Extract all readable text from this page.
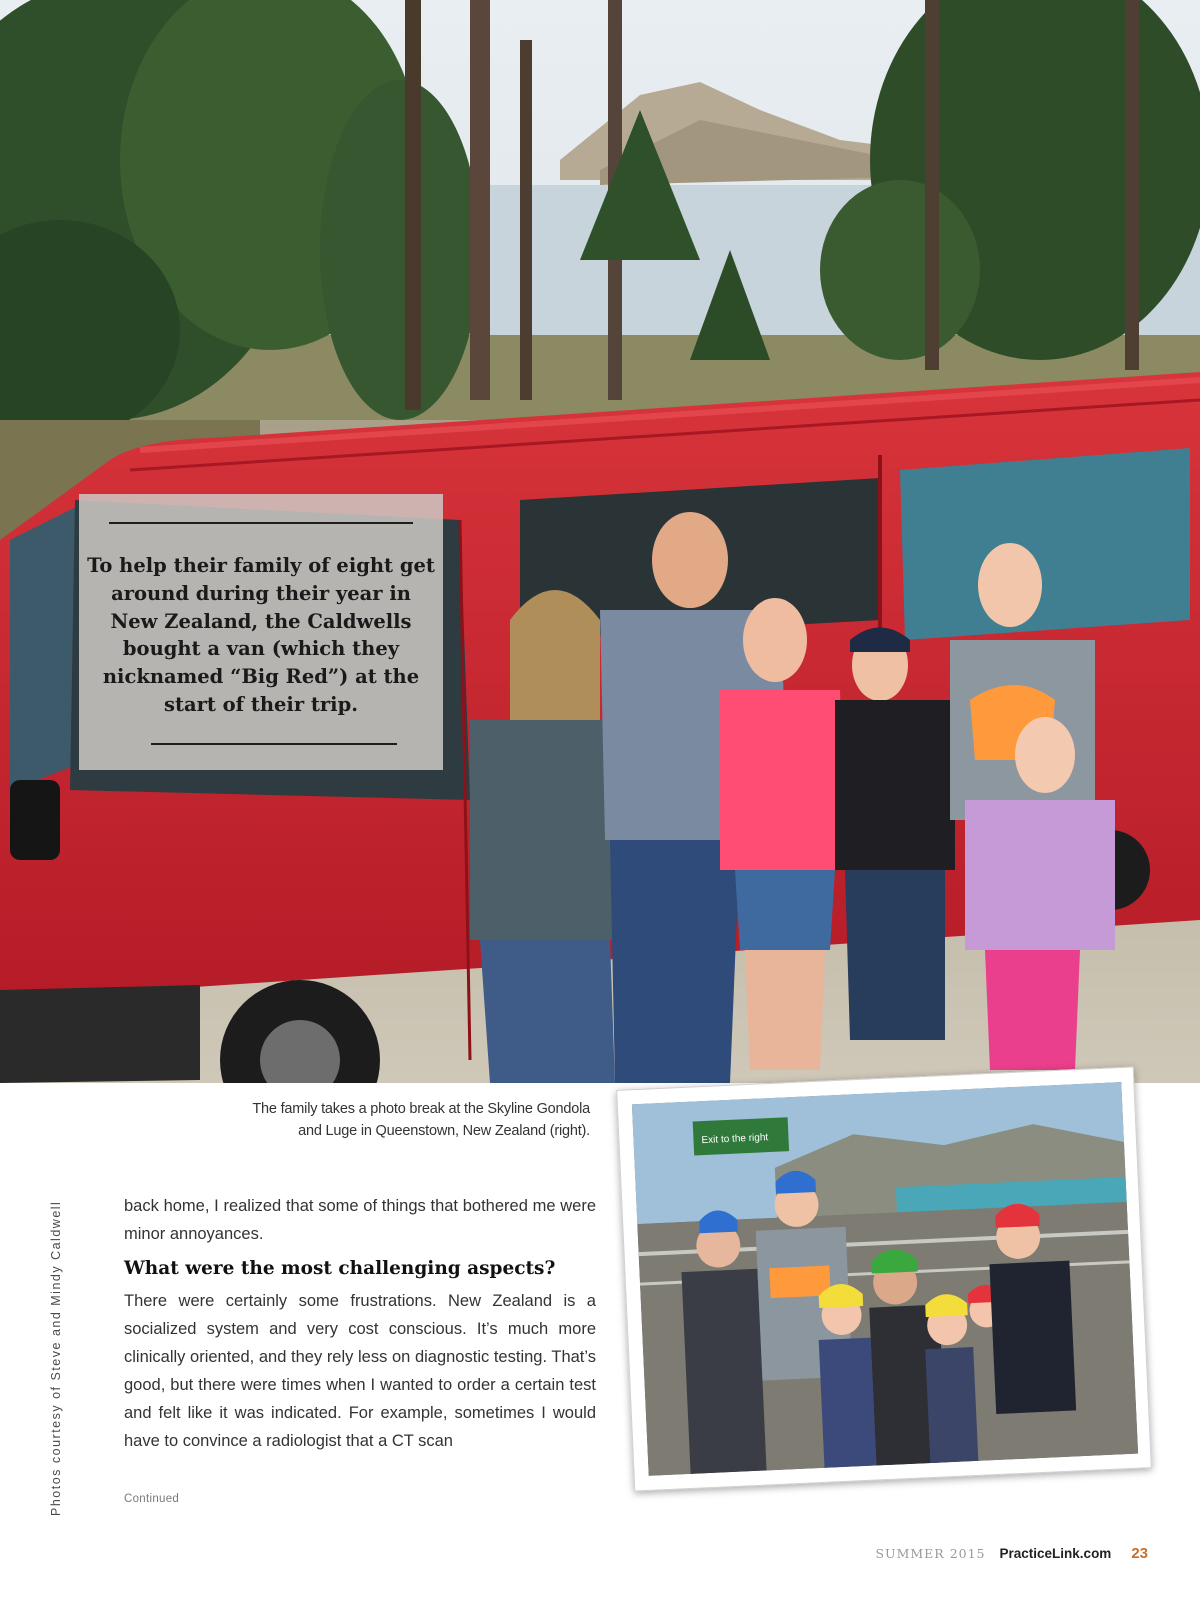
To help their family of eight get around during their year in New Zealand, the Caldwells bought a van (which they nicknamed “Big Red”) at the start of their trip.

The family takes a photo break at the Skyline Gondola
and Luge in Queenstown, New Zealand (right).
Photos courtesy of Steve and Mindy Caldwell	back home, I realized that some of things that bothered me were minor annoyances.

What were the most challenging aspects?

There were certainly some frustrations. New Zealand is a socialized system and very cost conscious. It’s much more clinically oriented, and they rely less on diagnostic testing. That’s good, but there were times when I wanted to order a certain test and felt like it was indicated. For example, sometimes I would have to convince a radiologist that a CT scan

Continued
Exit to the right
SUMMER 2015 PracticeLink.com 23
